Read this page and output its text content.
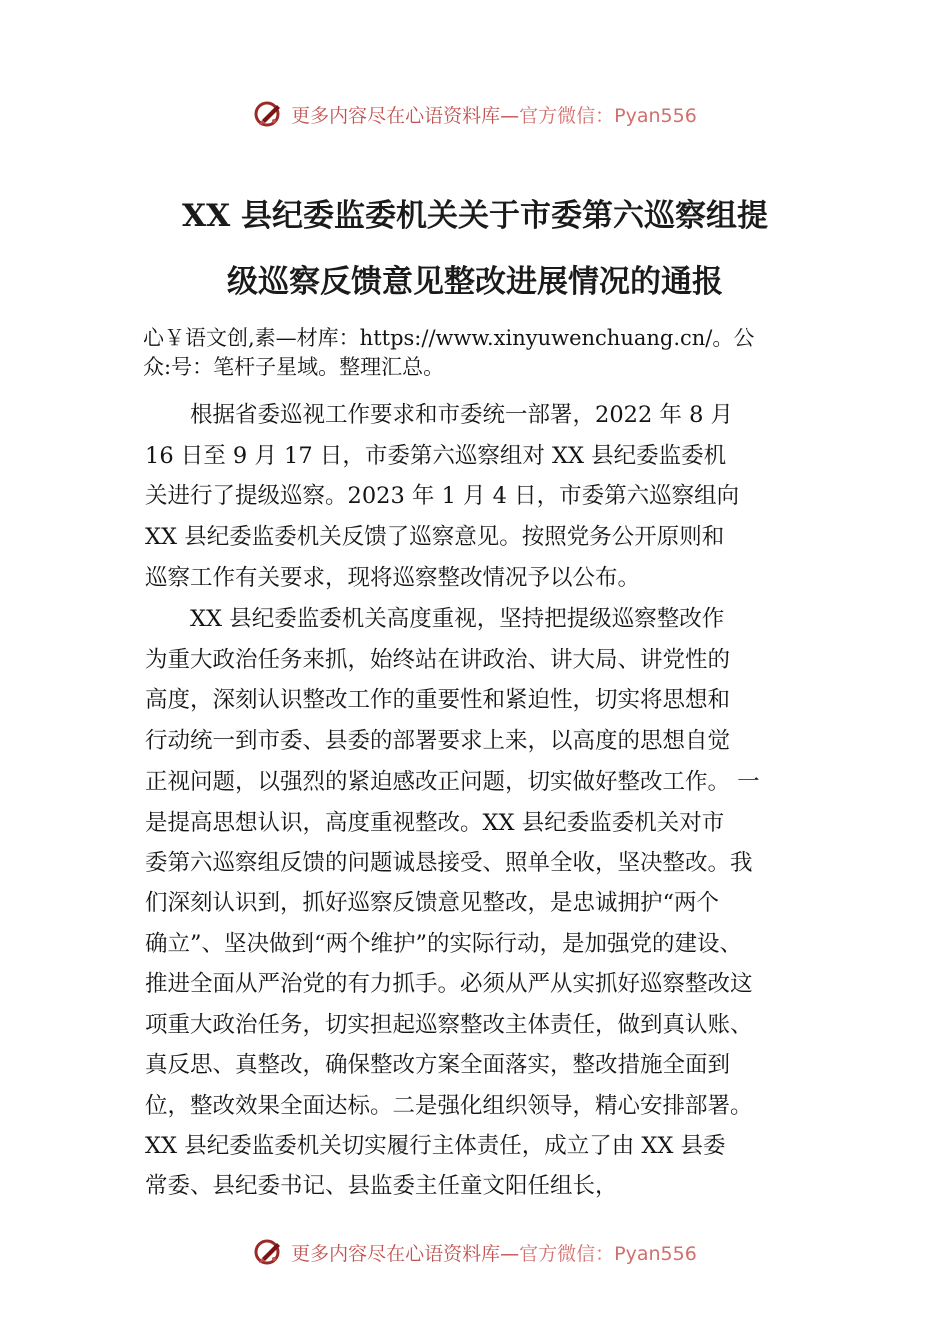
更多内容尽在心语资料库— 官方微信：Pyan556
XX 县纪委监委机关关于市委第六巡察组提
级巡察反馈意见整改进展情况的通报
心￥语文创,素—材库：https://www.xinyuwenchuang.cn/。公
众:号：笔杆子星域。整理汇总。
　　根据省委巡视工作要求和市委统一部署，2022 年 8 月
16 日至 9 月 17 日，市委第六巡察组对 XX 县纪委监委机
关进行了提级巡察。2023 年 1 月 4 日，市委第六巡察组向
XX 县纪委监委机关反馈了巡察意见。按照党务公开原则和
巡察工作有关要求，现将巡察整改情况予以公布。
　　XX 县纪委监委机关高度重视，坚持把提级巡察整改作
为重大政治任务来抓，始终站在讲政治、讲大局、讲党性的
高度，深刻认识整改工作的重要性和紧迫性，切实将思想和
行动统一到市委、县委的部署要求上来，以高度的思想自觉
正视问题，以强烈的紧迫感改正问题，切实做好整改工作。 一
是提高思想认识，高度重视整改。XX 县纪委监委机关对市
委第六巡察组反馈的问题诚恳接受、照单全收，坚决整改。我
们深刻认识到，抓好巡察反馈意见整改，是忠诚拥护“两个
确立”、坚决做到“两个维护”的实际行动，是加强党的建设、
推进全面从严治党的有力抓手。必须从严从实抓好巡察整改这
项重大政治任务，切实担起巡察整改主体责任，做到真认账、
真反思、真整改，确保整改方案全面落实，整改措施全面到
位，整改效果全面达标。二是强化组织领导，精心安排部署。
XX 县纪委监委机关切实履行主体责任，成立了由 XX 县委
常委、县纪委书记、县监委主任童文阳任组长，
更多内容尽在心语资料库— 官方微信：Pyan556
